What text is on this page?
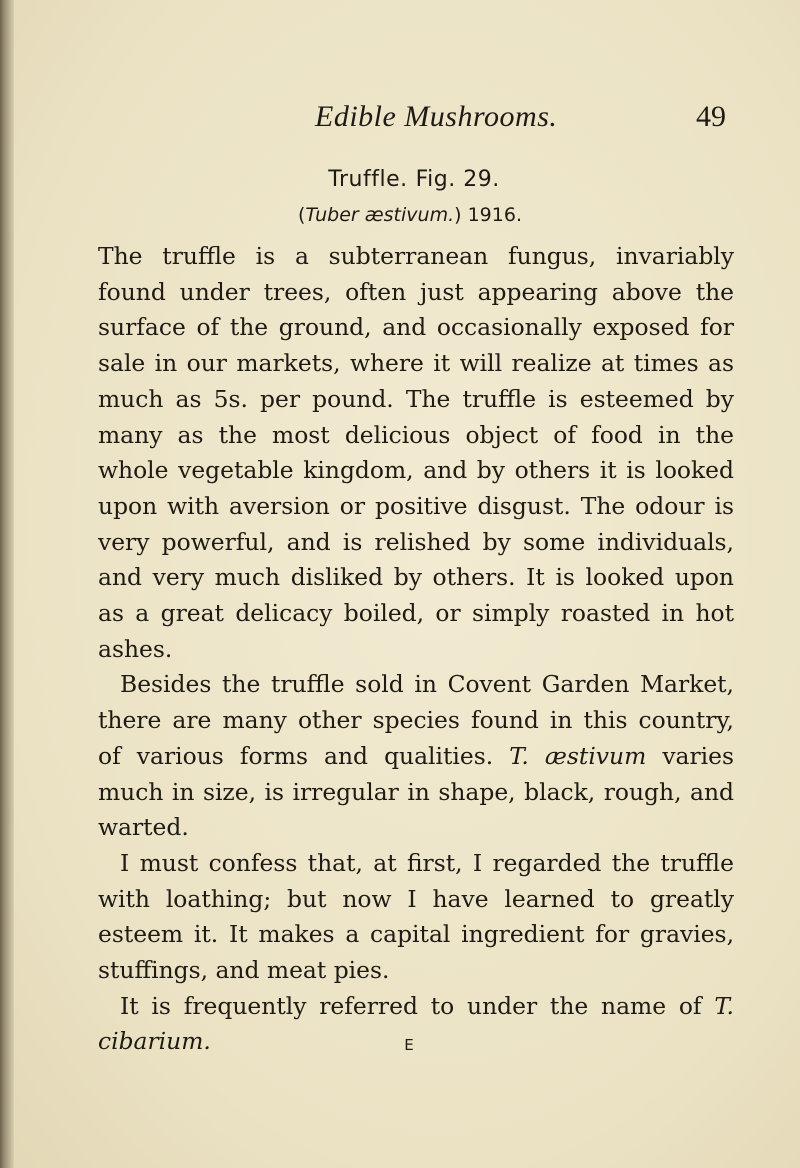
Edible Mushrooms.	49
Truffle. Fig. 29.
(Tuber æstivum.) 1916.

The truffle is a subterranean fungus, invariably found under trees, often just appearing above the surface of the ground, and occasionally exposed for sale in our markets, where it will realize at times as much as 5s. per pound. The truffle is esteemed by many as the most delicious object of food in the whole vegetable kingdom, and by others it is looked upon with aversion or positive disgust. The odour is very powerful, and is relished by some individuals, and very much disliked by others. It is looked upon as a great delicacy boiled, or simply roasted in hot ashes.

Besides the truffle sold in Covent Garden Market, there are many other species found in this country, of various forms and qualities. T. æstivum varies much in size, is irregular in shape, black, rough, and warted.

I must confess that, at first, I regarded the truffle with loathing; but now I have learned to greatly esteem it. It makes a capital ingredient for gravies, stuffings, and meat pies.

It is frequently referred to under the name of T. cibarium.	E
